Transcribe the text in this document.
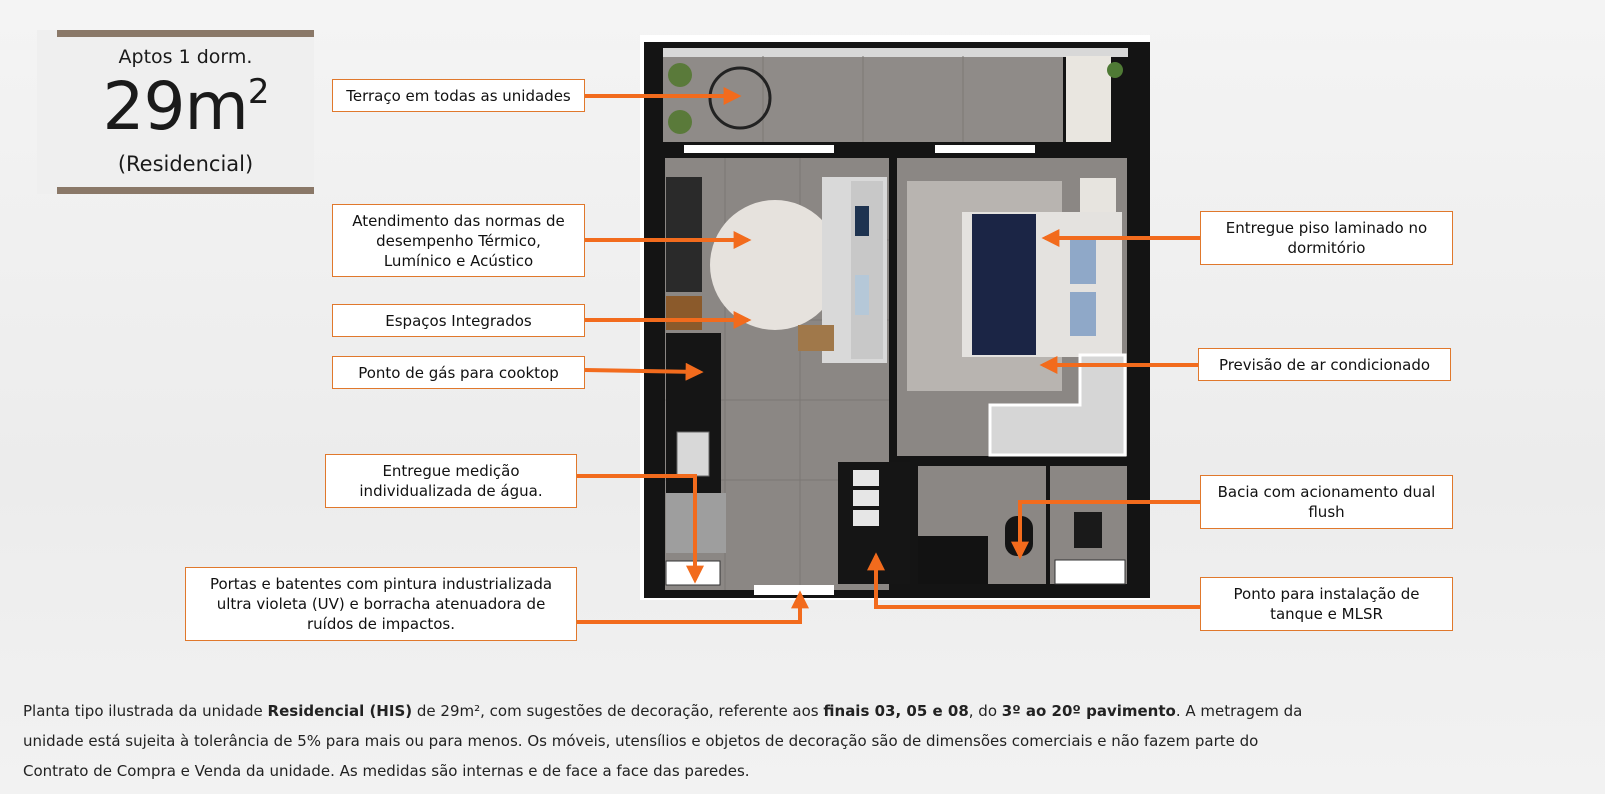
Aptos 1 dorm.
$29m^2$
(Residencial)
Terraço em todas as unidades
Atendimento das normas de
desempenho Térmico,
Lumínico e Acústico
Espaços Integrados
Ponto de gás para cooktop
Entregue medição
individualizada de água.
Portas e batentes com pintura industrializada
ultra violeta (UV) e borracha atenuadora de
ruídos de impactos.
Entregue piso laminado no
dormitório
Previsão de ar condicionado
Bacia com acionamento dual
flush
Ponto para instalação de
tanque e MLSR
Planta tipo ilustrada da unidade Residencial (HIS) de 29m², com sugestões de decoração, referente aos finais 03, 05 e 08, do 3º ao 20º pavimento. A metragem da unidade está sujeita à tolerância de 5% para mais ou para menos. Os móveis, utensílios e objetos de decoração são de dimensões comerciais e não fazem parte do Contrato de Compra e Venda da unidade. As medidas são internas e de face a face das paredes.
